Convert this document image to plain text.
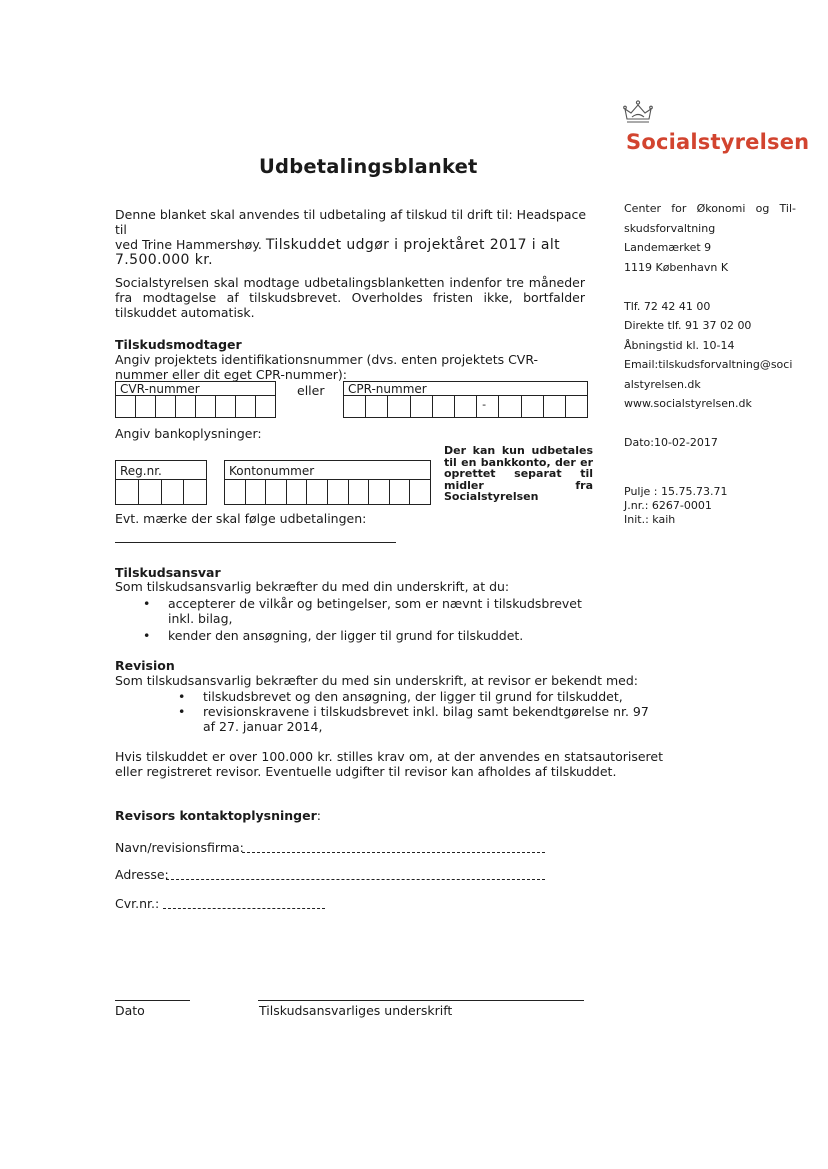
Socialstyrelsen
Udbetalingsblanket
Denne blanket skal anvendes til udbetaling af tilskud til drift til: Headspace til
ved Trine Hammershøy. Tilskuddet udgør i projektåret 2017 i alt
7.500.000 kr.
Socialstyrelsen skal modtage udbetalingsblanketten indenfor tre måneder fra modtagelse af tilskudsbrevet. Overholdes fristen ikke, bortfalder tilskuddet automatisk.
Center for Økonomi og Til-
skudsforvaltning
Landemærket 9
1119 København K
Tlf. 72 42 41 00
Direkte tlf. 91 37 02 00
Åbningstid kl. 10-14
Email:tilskudsforvaltning@soci
alstyrelsen.dk
www.socialstyrelsen.dk
Dato:10-02-2017
Pulje : 15.75.73.71
J.nr.: 6267-0001
Init.: kaih
Tilskudsmodtager
Angiv projektets identifikationsnummer (dvs. enten projektets CVR- nummer eller dit eget CPR-nummer):
CVR-nummer	eller	CPR-nummer
-
Angiv bankoplysninger:
Reg.nr.	Kontonummer
Der kan kun udbetales til en bankkonto, der er oprettet separat til midler fra Socialstyrelsen
Evt. mærke der skal følge udbetalingen:
Tilskudsansvar
Som tilskudsansvarlig bekræfter du med din underskrift, at du:
• accepterer de vilkår og betingelser, som er nævnt i tilskudsbrevet inkl. bilag,
• kender den ansøgning, der ligger til grund for tilskuddet.
Revision
Som tilskudsansvarlig bekræfter du med sin underskrift, at revisor er bekendt med:
• tilskudsbrevet og den ansøgning, der ligger til grund for tilskuddet,
• revisionskravene i tilskudsbrevet inkl. bilag samt bekendtgørelse nr. 97 af 27. januar 2014,
Hvis tilskuddet er over 100.000 kr. stilles krav om, at der anvendes en statsautoriseret eller registreret revisor. Eventuelle udgifter til revisor kan afholdes af tilskuddet.
Revisors kontaktoplysninger:
Navn/revisionsfirma:
Adresse:
Cvr.nr.:
Dato	Tilskudsansvarliges underskrift
